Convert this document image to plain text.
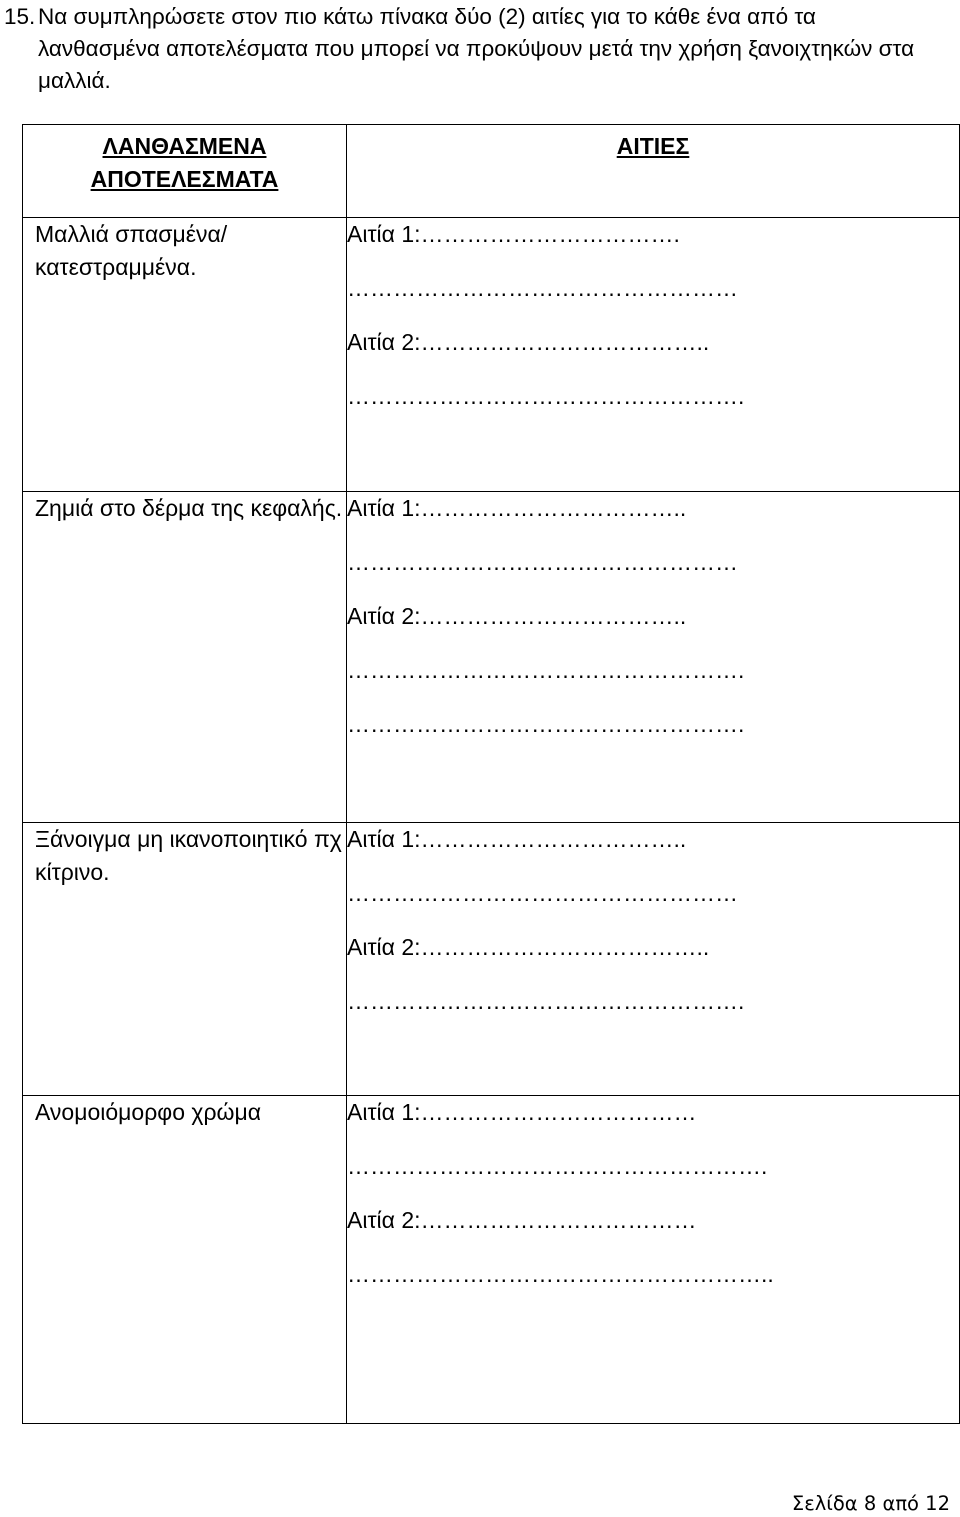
15. Να συμπληρώσετε στον πιο κάτω πίνακα δύο (2) αιτίες για το κάθε ένα από τα λανθασμένα αποτελέσματα που μπορεί να προκύψουν μετά την χρήση ξανοιχτηκών στα μαλλιά.
ΛΑΝΘΑΣΜΕΝΑ ΑΠΟΤΕΛΕΣΜΑΤΑ	ΑΙΤΙΕΣ

Μαλλιά σπασμένα/κατεστραμμένα.	Αιτία 1:…………………………….
……………………………………………
Αιτία 2:………………………………..
…………………………………………….

Ζημιά στο δέρμα της κεφαλής.	Αιτία 1:……………………………..
……………………………………………
Αιτία 2:……………………………..
…………………………………………….
…………………………………………….

Ξάνοιγμα μη ικανοποιητικό πχ κίτρινο.	Αιτία 1:……………………………..
……………………………………………
Αιτία 2:………………………………..
…………………………………………….

Ανομοιόμορφο χρώμα	Αιτία 1:………………………………
……………………………………………….
Αιτία 2:………………………………
………………………………………………..
Σελίδα 8 από 12
